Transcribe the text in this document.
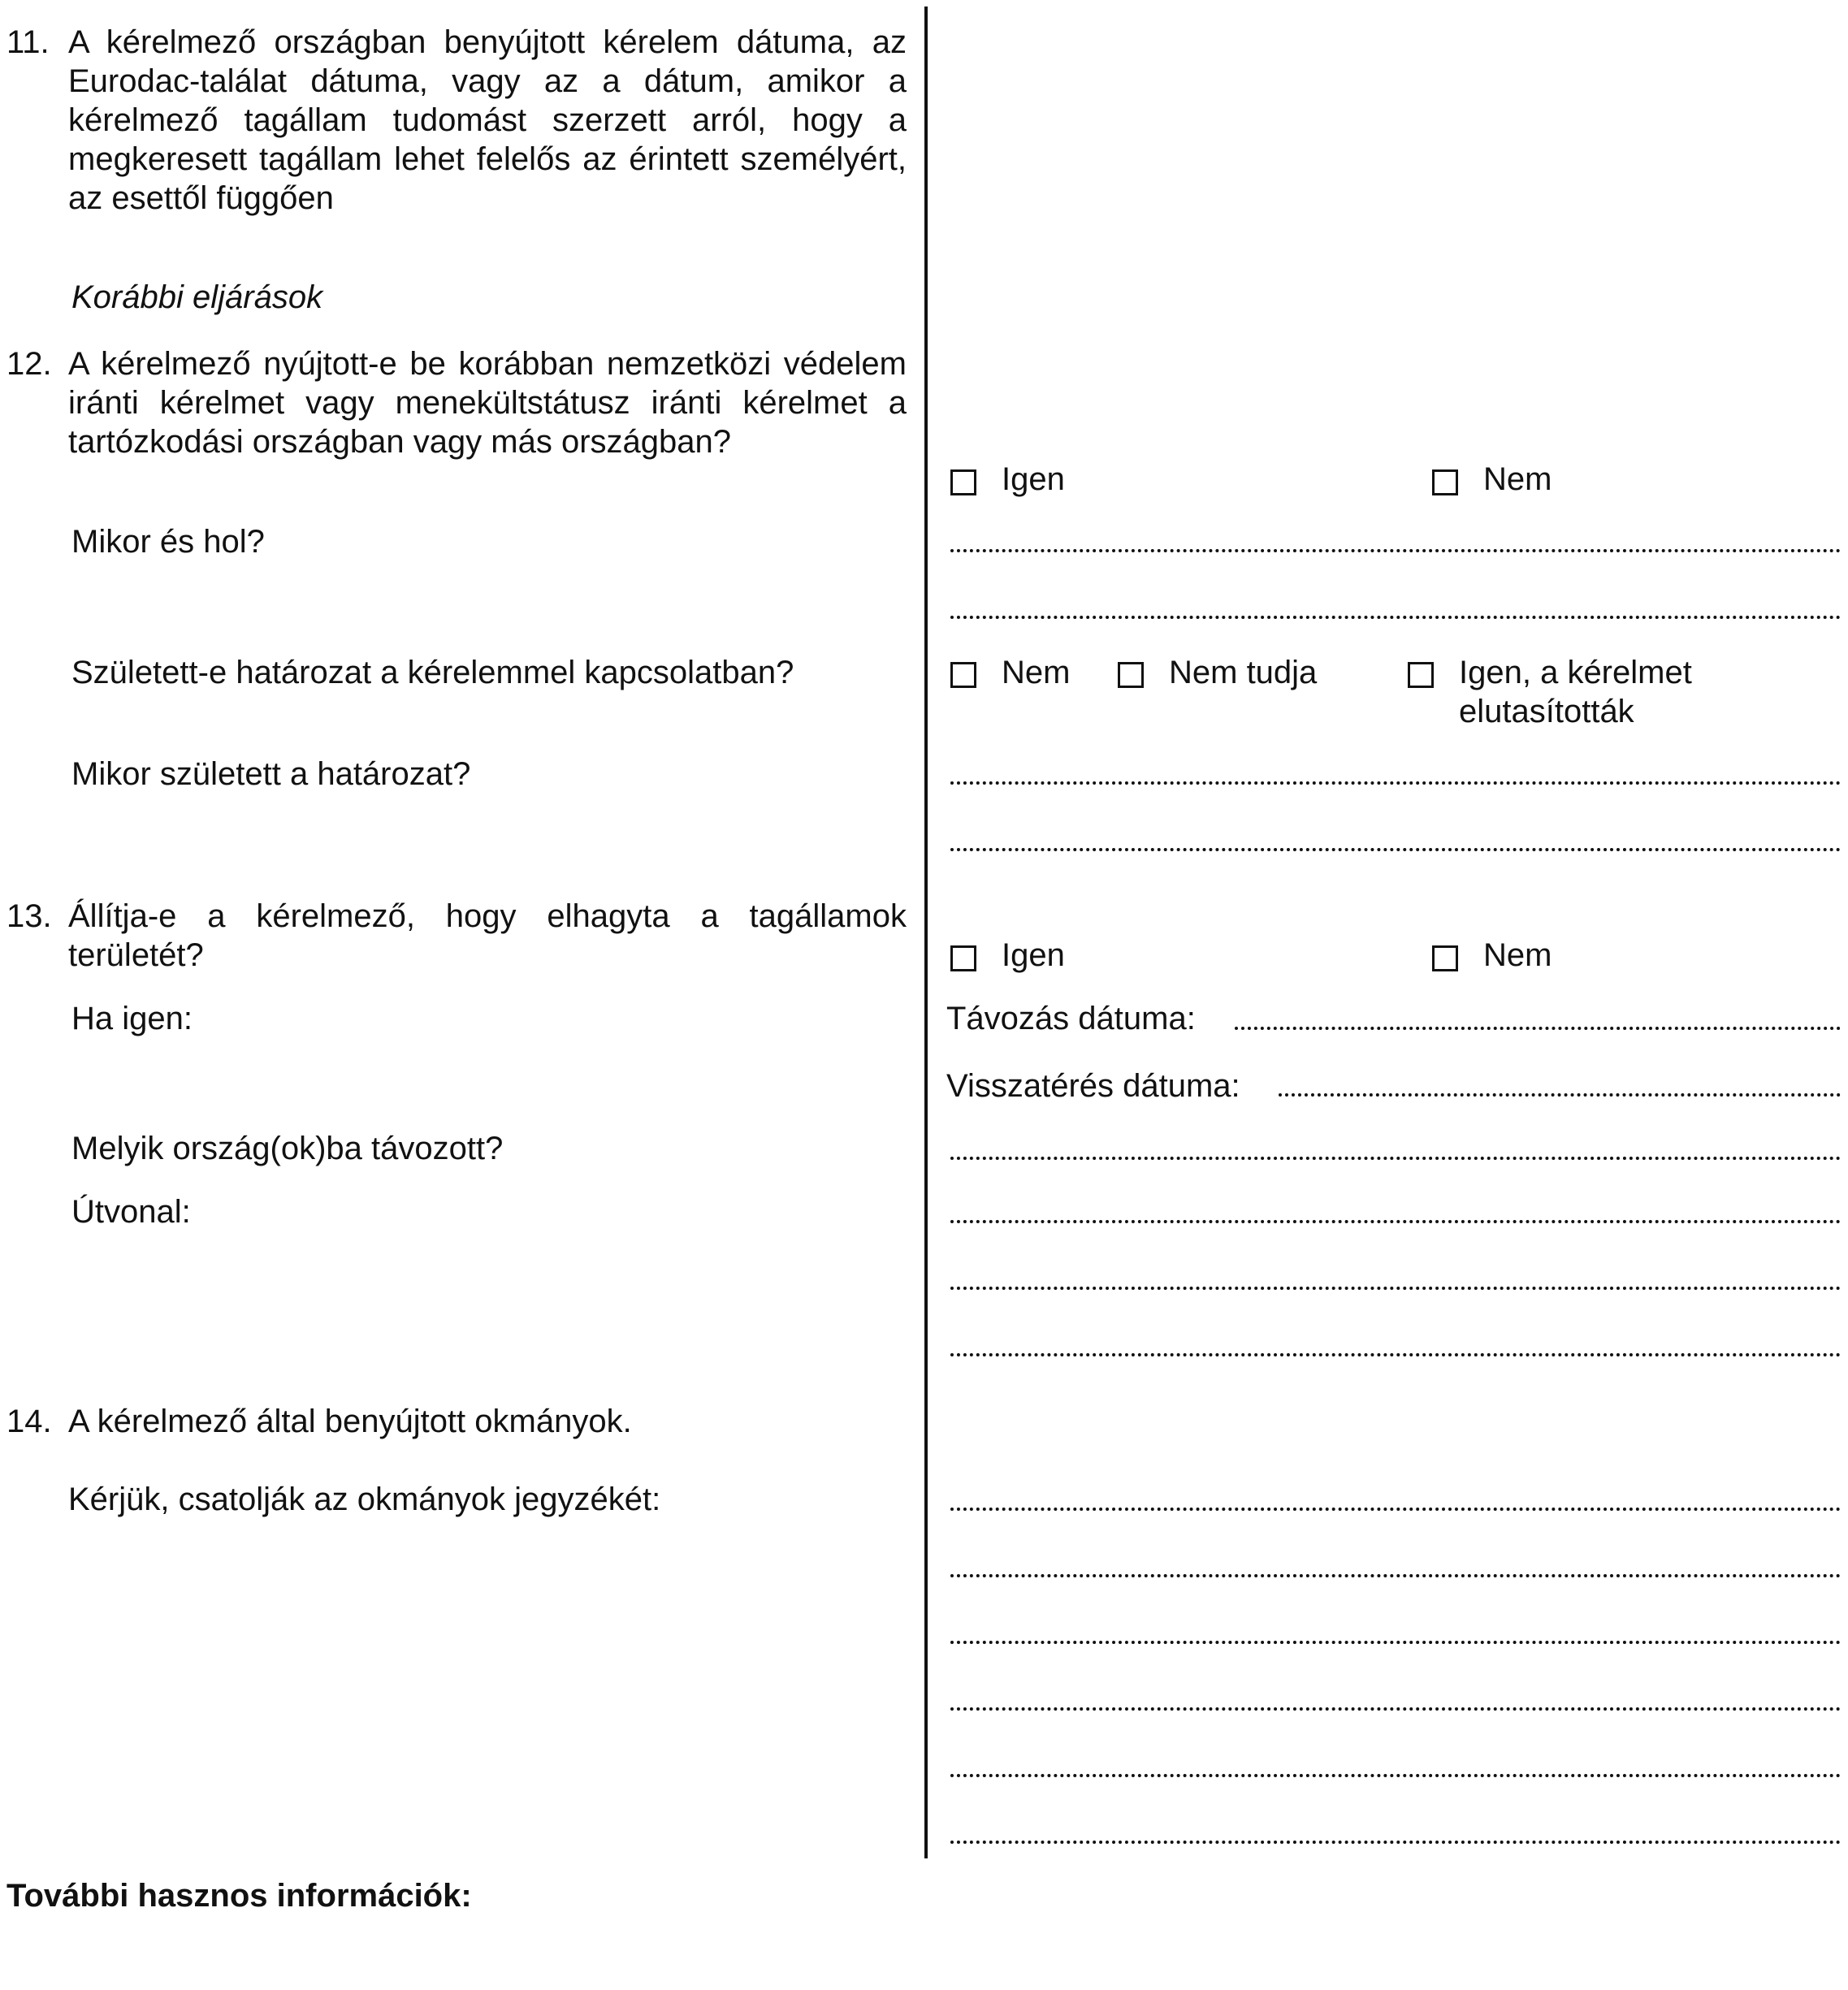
11. A kérelmező országban benyújtott kérelem dátuma, az Eurodac-találat dátuma, vagy az a dátum, amikor a kérelmező tagállam tudomást szerzett arról, hogy a megkeresett tagállam lehet felelős az érintett személyért, az esettől függően
Korábbi eljárások
12. A kérelmező nyújtott-e be korábban nemzetközi védelem iránti kérelmet vagy menekültstátusz iránti kérelmet a tartózkodási országban vagy más országban?
Igen	Nem
Mikor és hol?
Született-e határozat a kérelemmel kapcsolatban?	Nem	Nem tudja	Igen, a kérelmet elutasították
Mikor született a határozat?
13. Állítja-e a kérelmező, hogy elhagyta a tagállamok területét?	Igen	Nem
Ha igen:	Távozás dátuma:
Visszatérés dátuma:
Melyik ország(ok)ba távozott?
Útvonal:
14. A kérelmező által benyújtott okmányok.
Kérjük, csatolják az okmányok jegyzékét:
További hasznos információk:
